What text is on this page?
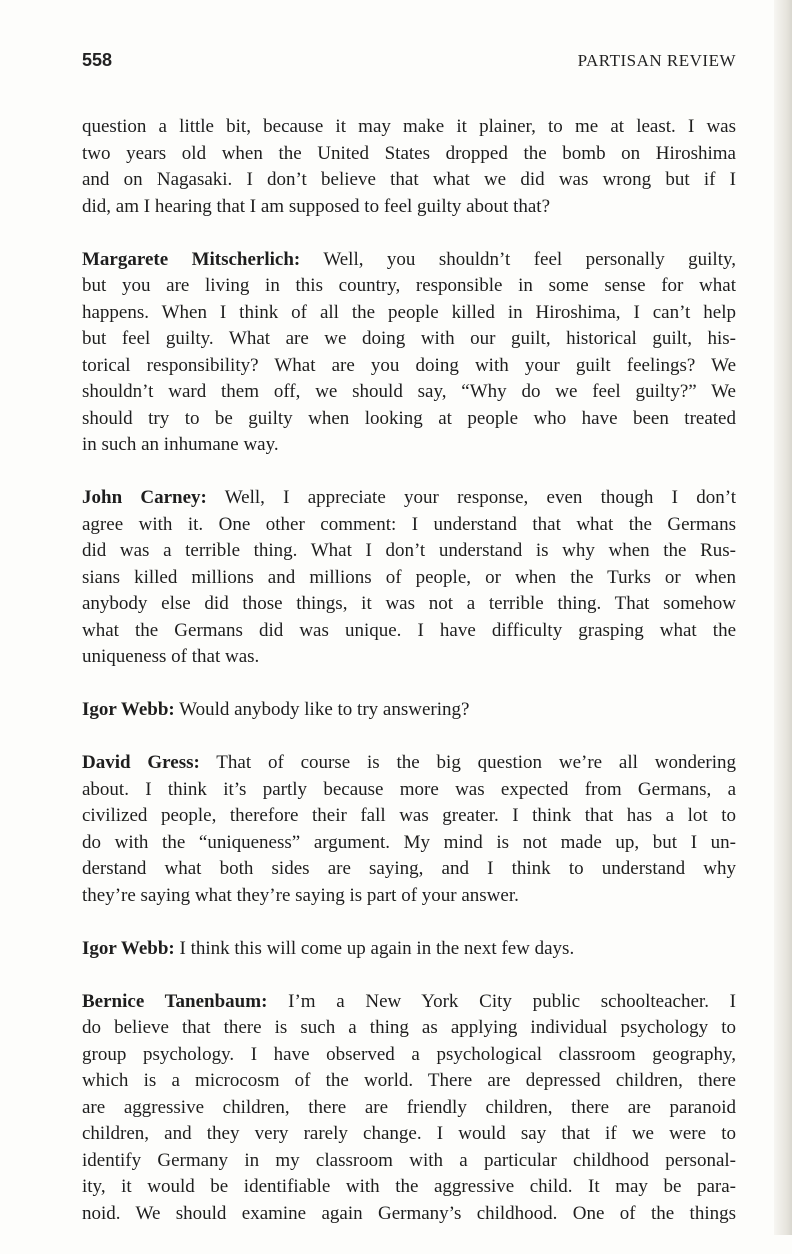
558	PARTISAN REVIEW
question a little bit, because it may make it plainer, to me at least. I was
two years old when the United States dropped the bomb on Hiroshima
and on Nagasaki. I don’t believe that what we did was wrong but if I
did, am I hearing that I am supposed to feel guilty about that?
Margarete Mitscherlich: Well, you shouldn’t feel personally guilty,
but you are living in this country, responsible in some sense for what
happens. When I think of all the people killed in Hiroshima, I can’t help
but feel guilty. What are we doing with our guilt, historical guilt, his-
torical responsibility? What are you doing with your guilt feelings? We
shouldn’t ward them off, we should say, “Why do we feel guilty?” We
should try to be guilty when looking at people who have been treated
in such an inhumane way.
John Carney: Well, I appreciate your response, even though I don’t
agree with it. One other comment: I understand that what the Germans
did was a terrible thing. What I don’t understand is why when the Rus-
sians killed millions and millions of people, or when the Turks or when
anybody else did those things, it was not a terrible thing. That somehow
what the Germans did was unique. I have difficulty grasping what the
uniqueness of that was.
Igor Webb: Would anybody like to try answering?
David Gress: That of course is the big question we’re all wondering
about. I think it’s partly because more was expected from Germans, a
civilized people, therefore their fall was greater. I think that has a lot to
do with the “uniqueness” argument. My mind is not made up, but I un-
derstand what both sides are saying, and I think to understand why
they’re saying what they’re saying is part of your answer.
Igor Webb: I think this will come up again in the next few days.
Bernice Tanenbaum: I’m a New York City public schoolteacher. I
do believe that there is such a thing as applying individual psychology to
group psychology. I have observed a psychological classroom geography,
which is a microcosm of the world. There are depressed children, there
are aggressive children, there are friendly children, there are paranoid
children, and they very rarely change. I would say that if we were to
identify Germany in my classroom with a particular childhood personal-
ity, it would be identifiable with the aggressive child. It may be para-
noid. We should examine again Germany’s childhood. One of the things
